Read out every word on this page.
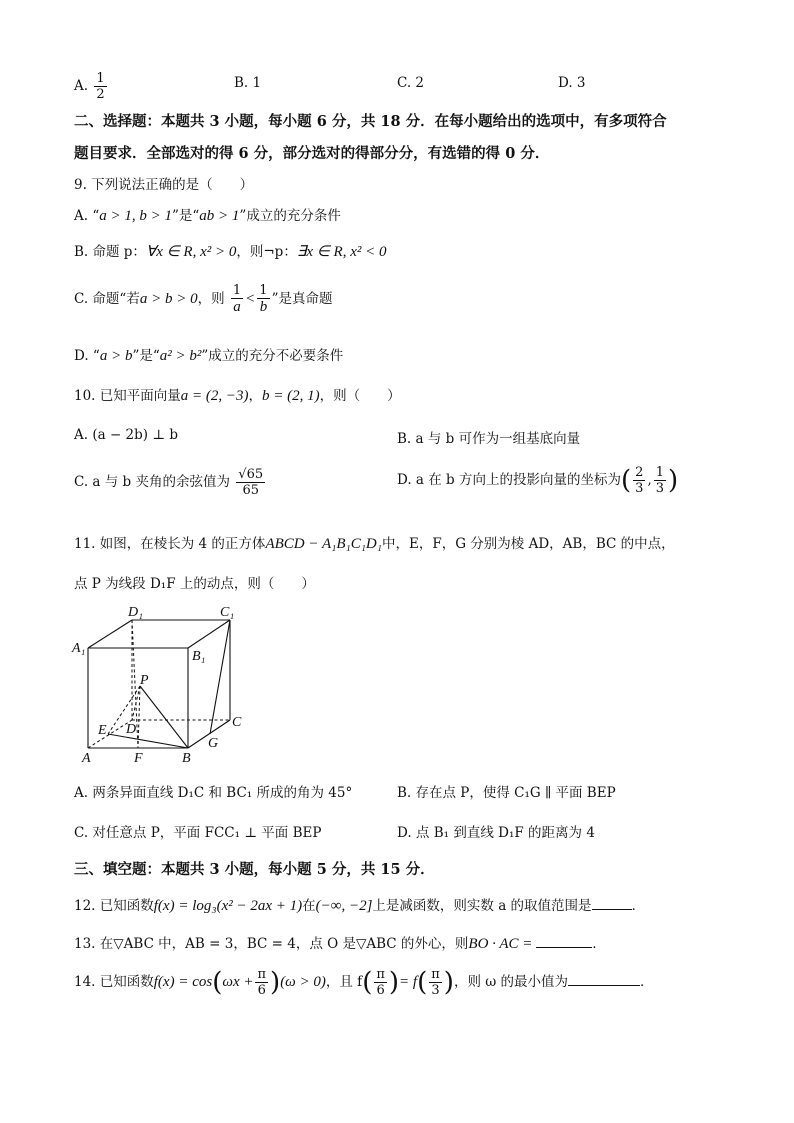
A. $\frac{1}{2}$	B. 1	C. 2	D. 3
二、选择题：本题共 3 小题，每小题 6 分，共 18 分．在每小题给出的选项中，有多项符合
题目要求．全部选对的得 6 分，部分选对的得部分分，有选错的得 0 分．
9. 下列说法正确的是（　　）
A. “a > 1, b > 1”是“ab > 1”成立的充分条件
B. 命题 p：∀x ∈ R, x² > 0，则¬p：∃x ∈ R, x² < 0
C. 命题“若a > b > 0，则 $\frac{1}{a} < \frac{1}{b}$ ”是真命题
D. “a > b”是“a² > b²”成立的充分不必要条件
10. 已知平面向量a = (2, −3)，b = (2, 1)，则（　　）
A. (a − 2b) ⊥ b	B. a 与 b 可作为一组基底向量
C. a 与 b 夹角的余弦值为 $\frac{√65}{65}$	D. a 在 b 方向上的投影向量的坐标为( $\frac{2}{3}$ , $\frac{1}{3}$ )
11. 如图，在棱长为 4 的正方体ABCD − A₁B₁C₁D₁中，E，F，G 分别为棱 AD，AB，BC 的中点，
点 P 为线段 D₁F 上的动点，则（　　）
D₁	C₁
A₁
B₁
P
E D	C
G
A	F	B
A. 两条异面直线 D₁C 和 BC₁ 所成的角为 45°	B. 存在点 P，使得 C₁G ∥ 平面 BEP
C. 对任意点 P，平面 FCC₁ ⊥ 平面 BEP	D. 点 B₁ 到直线 D₁F 的距离为 4
三、填空题：本题共 3 小题，每小题 5 分，共 15 分．
12. 已知函数f(x) = log₃(x² − 2ax + 1)在(−∞, −2]上是减函数，则实数 a 的取值范围是	．
13. 在▽ABC 中，AB = 3，BC = 4，点 O 是▽ABC 的外心，则BO · AC =	．
14. 已知函数$f(x) = \cos(\omega x + \frac{\pi}{6} )(\omega > 0)$，且 $f( \frac{\pi}{6}$ )= $f( \frac{\pi}{3}$ )，则 ω 的最小值为	．
